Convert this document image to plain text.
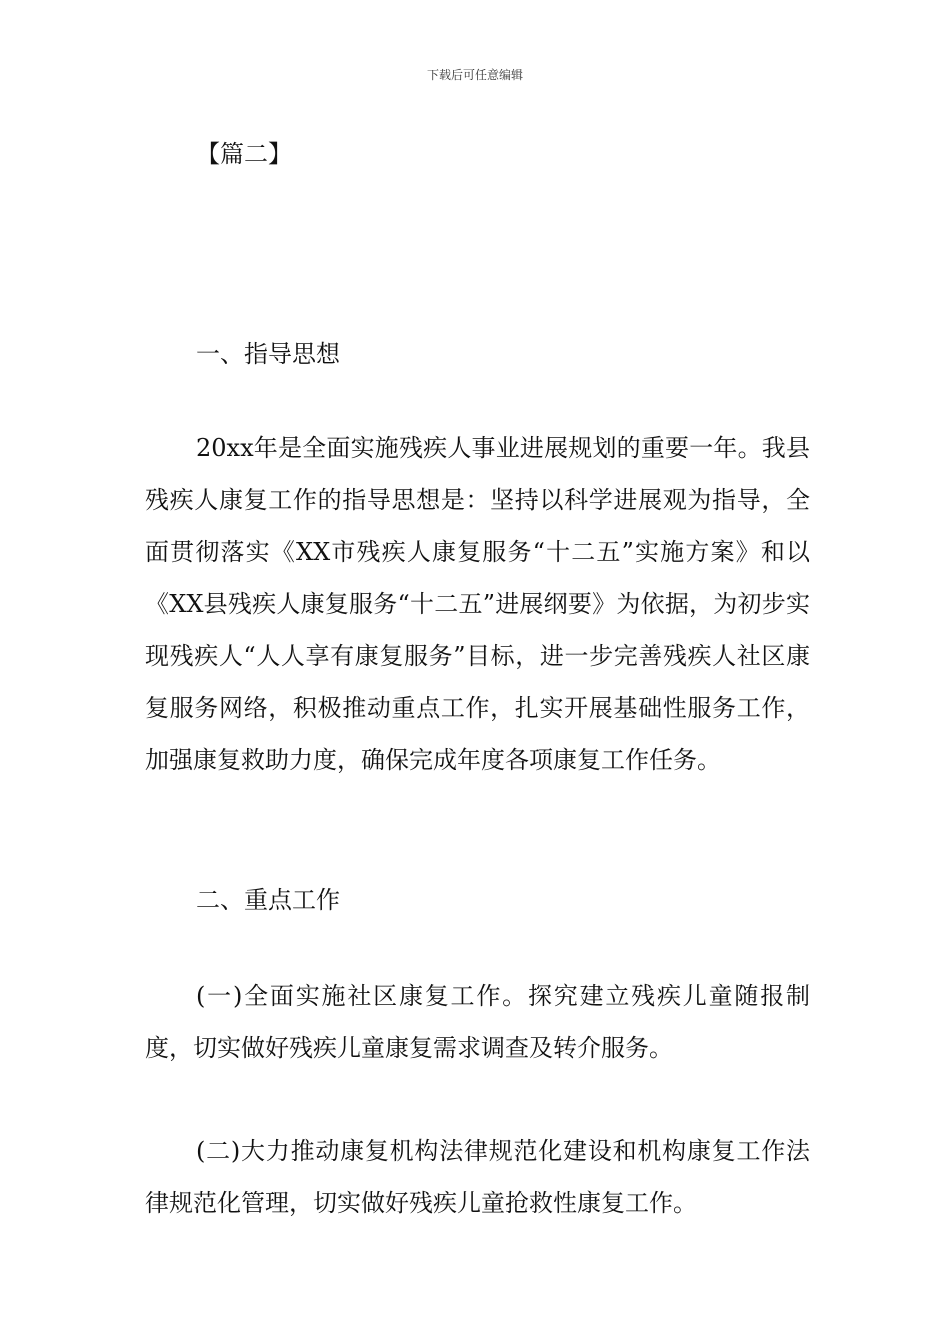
下载后可任意编辑
【篇二】
一、指导思想

20xx年是全面实施残疾人事业进展规划的重要一年。我县残疾人康复工作的指导思想是：坚持以科学进展观为指导，全面贯彻落实《XX市残疾人康复服务“十二五”实施方案》和以《XX县残疾人康复服务“十二五”进展纲要》为依据，为初步实现残疾人“人人享有康复服务”目标，进一步完善残疾人社区康复服务网络，积极推动重点工作，扎实开展基础性服务工作，加强康复救助力度，确保完成年度各项康复工作任务。

二、重点工作

(一)全面实施社区康复工作。探究建立残疾儿童随报制度，切实做好残疾儿童康复需求调查及转介服务。

(二)大力推动康复机构法律规范化建设和机构康复工作法律规范化管理，切实做好残疾儿童抢救性康复工作。
